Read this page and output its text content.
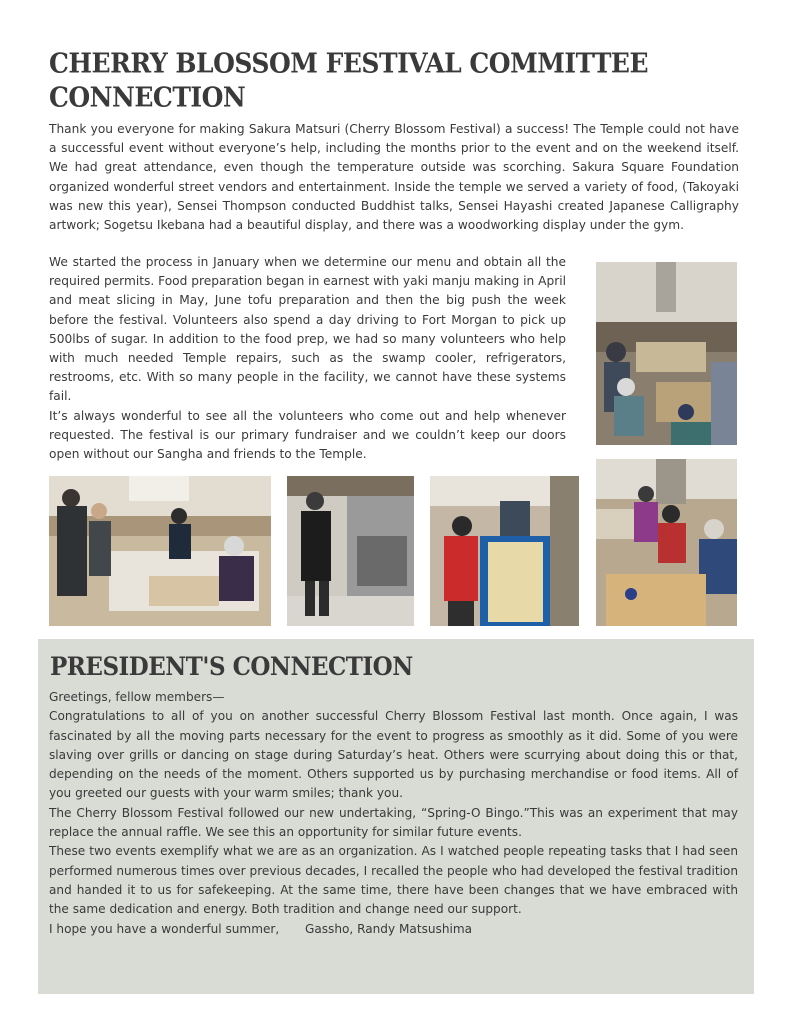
CHERRY BLOSSOM FESTIVAL COMMITTEE CONNECTION

Thank you everyone for making Sakura Matsuri (Cherry Blossom Festival) a success! The Temple could not have a successful event without everyone’s help, including the months prior to the event and on the weekend itself. We had great attendance, even though the temperature outside was scorching. Sakura Square Foundation organized wonderful street vendors and entertainment. Inside the temple we served a variety of food, (Takoyaki was new this year), Sensei Thompson conducted Buddhist talks, Sensei Hayashi created Japanese Calligraphy artwork; Sogetsu Ikebana had a beautiful display, and there was a woodworking display under the gym.

We started the process in January when we determine our menu and obtain all the required permits. Food preparation began in earnest with yaki manju making in April and meat slicing in May, June tofu preparation and then the big push the week before the festival. Volunteers also spend a day driving to Fort Morgan to pick up 500lbs of sugar. In addition to the food prep, we had so many volunteers who help with much needed Temple repairs, such as the swamp cooler, refrigerators, restrooms, etc. With so many people in the facility, we cannot have these systems fail.

It’s always wonderful to see all the volunteers who come out and help whenever requested. The festival is our primary fundraiser and we couldn’t keep our doors open without our Sangha and friends to the Temple.

PRESIDENT'S CONNECTION

Greetings, fellow members—

Congratulations to all of you on another successful Cherry Blossom Festival last month. Once again, I was fascinated by all the moving parts necessary for the event to progress as smoothly as it did. Some of you were slaving over grills or dancing on stage during Saturday’s heat. Others were scurrying about doing this or that, depending on the needs of the moment. Others supported us by purchasing merchandise or food items. All of you greeted our guests with your warm smiles; thank you.

The Cherry Blossom Festival followed our new undertaking, “Spring-O Bingo.”This was an experiment that may replace the annual raffle. We see this an opportunity for similar future events.

These two events exemplify what we are as an organization. As I watched people repeating tasks that I had seen performed numerous times over previous decades, I recalled the people who had developed the festival tradition and handed it to us for safekeeping. At the same time, there have been changes that we have embraced with the same dedication and energy. Both tradition and change need our support.

I hope you have a wonderful summer, Gassho, Randy Matsushima
